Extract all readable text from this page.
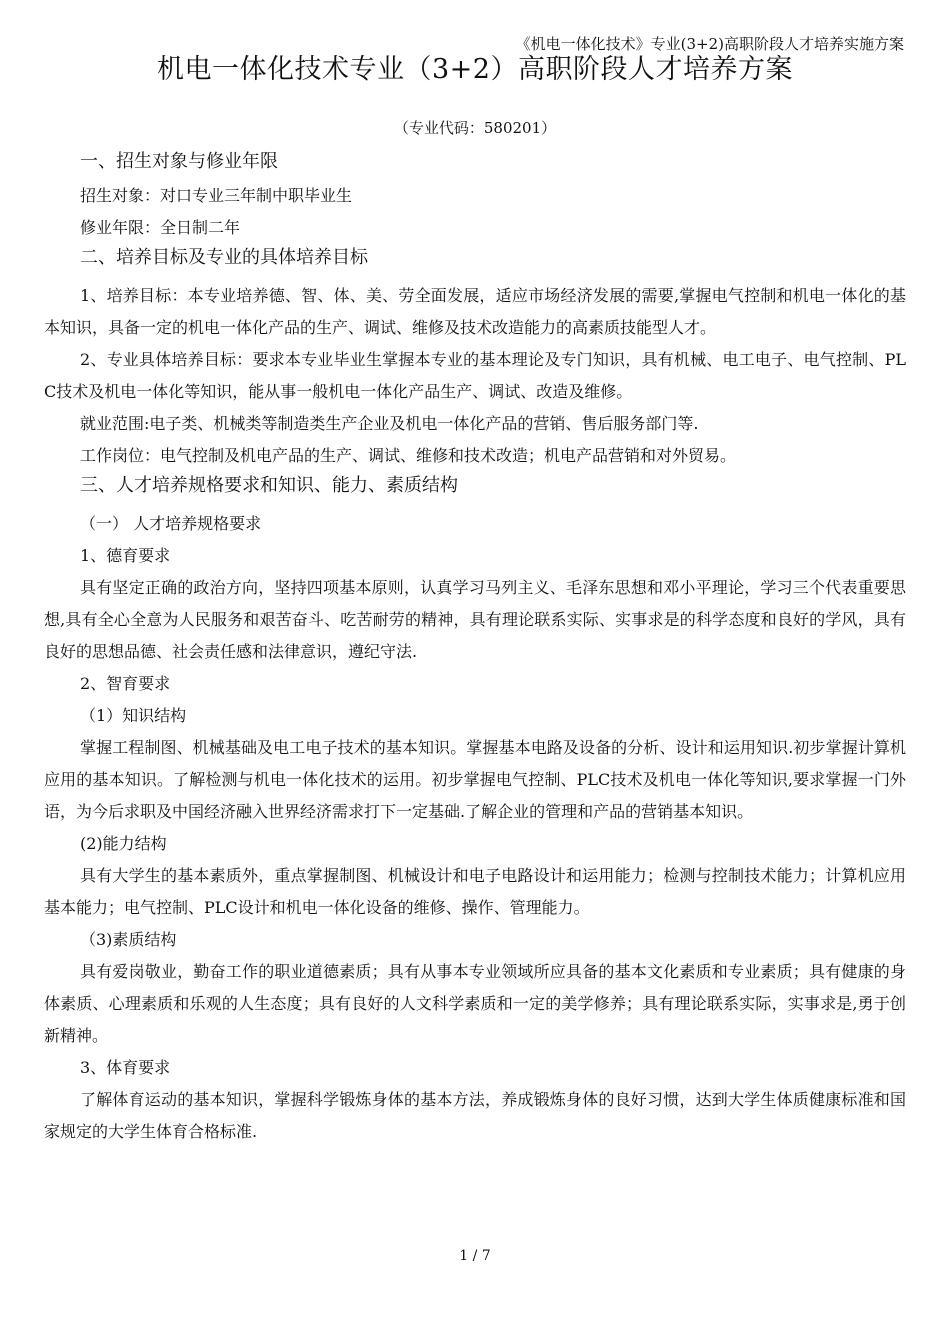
《机电一体化技术》专业(3+2)高职阶段人才培养实施方案
机电一体化技术专业（3+2）高职阶段人才培养方案
（专业代码：580201）

一、招生对象与修业年限

招生对象：对口专业三年制中职毕业生

修业年限：全日制二年

二、培养目标及专业的具体培养目标

1、培养目标：本专业培养德、智、体、美、劳全面发展，适应市场经济发展的需要,掌握电气控制和机电一体化的基本知识，具备一定的机电一体化产品的生产、调试、维修及技术改造能力的高素质技能型人才。

2、专业具体培养目标：要求本专业毕业生掌握本专业的基本理论及专门知识，具有机械、电工电子、电气控制、PLC技术及机电一体化等知识，能从事一般机电一体化产品生产、调试、改造及维修。

就业范围:电子类、机械类等制造类生产企业及机电一体化产品的营销、售后服务部门等.

工作岗位：电气控制及机电产品的生产、调试、维修和技术改造；机电产品营销和对外贸易。

三、人才培养规格要求和知识、能力、素质结构

（一） 人才培养规格要求

1、德育要求

具有坚定正确的政治方向，坚持四项基本原则，认真学习马列主义、毛泽东思想和邓小平理论，学习三个代表重要思想,具有全心全意为人民服务和艰苦奋斗、吃苦耐劳的精神，具有理论联系实际、实事求是的科学态度和良好的学风，具有良好的思想品德、社会责任感和法律意识，遵纪守法.

2、智育要求

（1）知识结构

掌握工程制图、机械基础及电工电子技术的基本知识。掌握基本电路及设备的分析、设计和运用知识.初步掌握计算机应用的基本知识。了解检测与机电一体化技术的运用。初步掌握电气控制、PLC技术及机电一体化等知识,要求掌握一门外语，为今后求职及中国经济融入世界经济需求打下一定基础.了解企业的管理和产品的营销基本知识。

(2)能力结构

具有大学生的基本素质外，重点掌握制图、机械设计和电子电路设计和运用能力；检测与控制技术能力；计算机应用基本能力；电气控制、PLC设计和机电一体化设备的维修、操作、管理能力。

（3)素质结构

具有爱岗敬业，勤奋工作的职业道德素质；具有从事本专业领域所应具备的基本文化素质和专业素质；具有健康的身体素质、心理素质和乐观的人生态度；具有良好的人文科学素质和一定的美学修养；具有理论联系实际，实事求是,勇于创新精神。

3、体育要求

了解体育运动的基本知识，掌握科学锻炼身体的基本方法，养成锻炼身体的良好习惯，达到大学生体质健康标准和国家规定的大学生体育合格标准.

1 / 7
